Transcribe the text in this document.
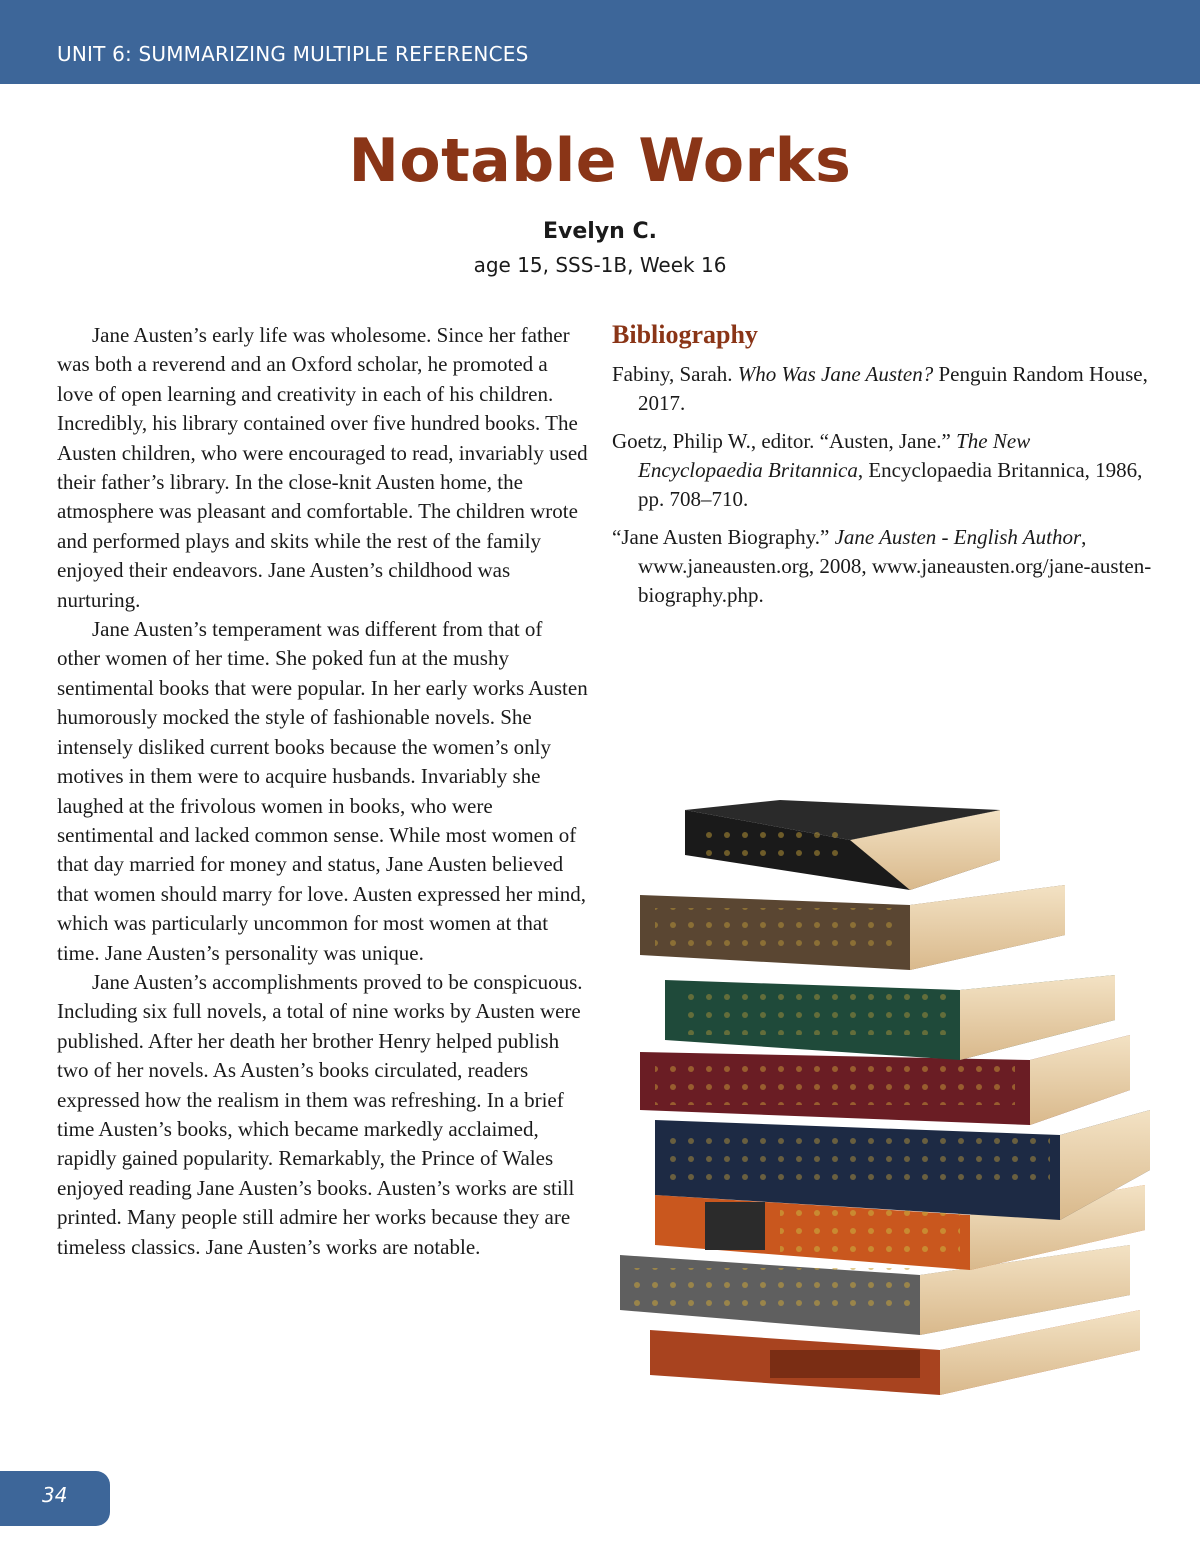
UNIT 6: SUMMARIZING MULTIPLE REFERENCES
Notable Works
Evelyn C.
age 15, SSS-1B, Week 16

Jane Austen’s early life was wholesome. Since her father was both a reverend and an Oxford scholar, he promoted a love of open learning and creativity in each of his children. Incredibly, his library contained over five hundred books. The Austen children, who were encouraged to read, invariably used their father’s library. In the close-knit Austen home, the atmosphere was pleasant and comfortable. The children wrote and performed plays and skits while the rest of the family enjoyed their endeavors. Jane Austen’s childhood was nurturing.

Jane Austen’s temperament was different from that of other women of her time. She poked fun at the mushy sentimental books that were popular. In her early works Austen humorously mocked the style of fashionable novels. She intensely disliked current books because the women’s only motives in them were to acquire husbands. Invariably she laughed at the frivolous women in books, who were sentimental and lacked common sense. While most women of that day married for money and status, Jane Austen believed that women should marry for love. Austen expressed her mind, which was particularly uncommon for most women at that time. Jane Austen’s personality was unique.

Jane Austen’s accomplishments proved to be conspicuous. Including six full novels, a total of nine works by Austen were published. After her death her brother Henry helped publish two of her novels. As Austen’s books circulated, readers expressed how the realism in them was refreshing. In a brief time Austen’s books, which became markedly acclaimed, rapidly gained popularity. Remarkably, the Prince of Wales enjoyed reading Jane Austen’s books. Austen’s works are still printed. Many people still admire her works because they are timeless classics. Jane Austen’s works are notable.

Bibliography
Fabiny, Sarah. Who Was Jane Austen? Penguin Random House, 2017.
Goetz, Philip W., editor. “Austen, Jane.” The New Encyclopaedia Britannica, Encyclopaedia Britannica, 1986, pp. 708–710.
“Jane Austen Biography.” Jane Austen - English Author, www.janeausten.org, 2008, www.janeausten.org/jane-austen-biography.php.
34
